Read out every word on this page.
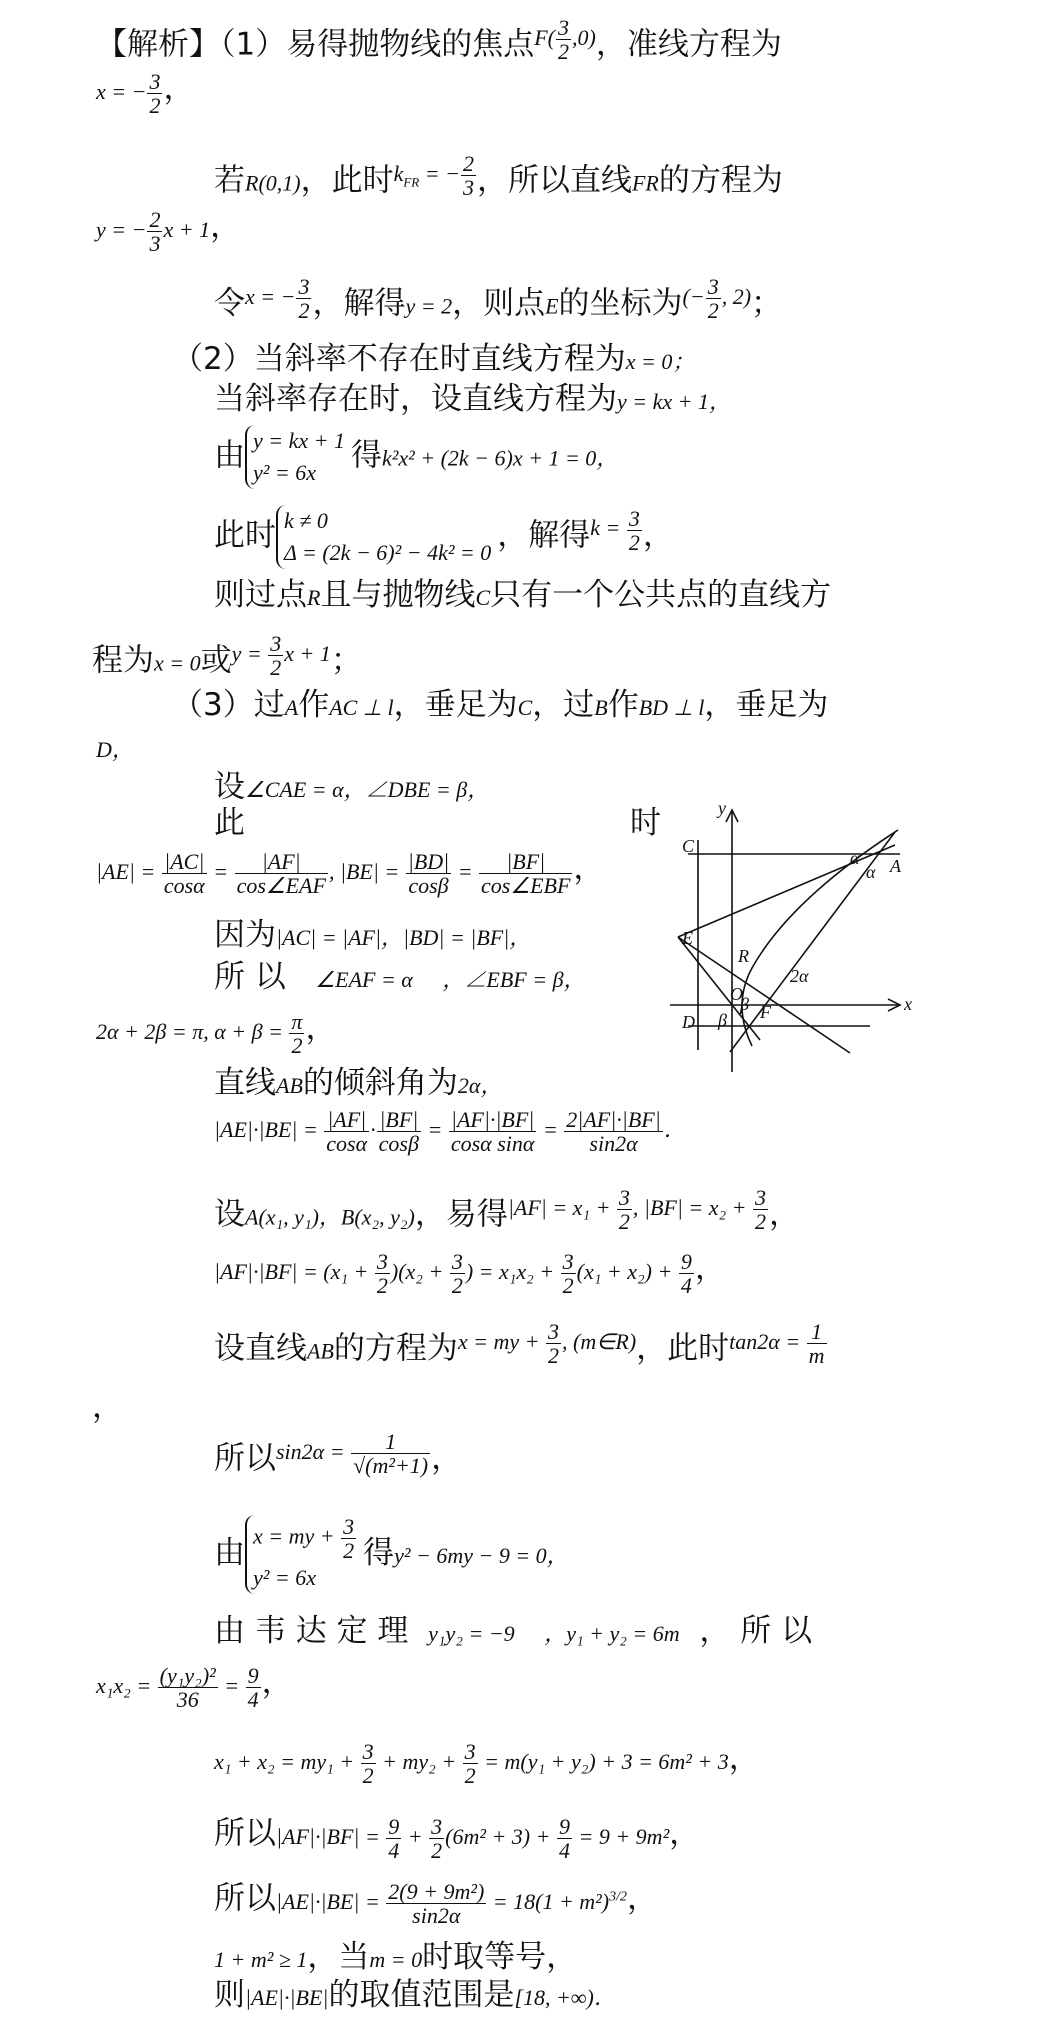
【解析】（1）易得抛物线的焦点$^{F( \frac{3}{2} ,0)}$，准线方程为
x = − $\frac{3}{2}$ ，
若R(0,1)，此时$^{k_{FR} = - \frac{2}{3}}$ ，所以直线FR的方程为
y = − $\frac{2}{3}$ x + 1，
令$^{x = - \frac{3}{2}}$ ，解得y = 2，则点E的坐标为$^{(- \frac{3}{2} , 2)}$；
（2）当斜率不存在时直线方程为x = 0；
当斜率存在时，设直线方程为y = kx + 1，
由 y = kx + 1
y² = 6x	得k²x² + (2k − 6)x + 1 = 0，
此时 k ≠ 0
Δ = (2k − 6)² − 4k² = 0 ，解得$^{k = \frac{3}{2}}$ ，
则过点R且与抛物线C只有一个公共点的直线方
程为x = 0或$^{y = \frac{3}{2} x + 1}$；
（3）过A作AC ⊥ l，垂足为C，过B作BD ⊥ l，垂足为
D，
设∠CAE = α，∠DBE = β，
此	时
$|AE| = \frac{|AC|}{\cos\alpha} = \frac{|AF|}{\text{cos∠EAF}}$ , $|BE| = \frac{|BD|}{\cos\beta} = \frac{|BF|}{\text{cos∠EBF}}$ ，
因为|AC| = |AF|，|BD| = |BF|，
所 以 ∠EAF = α ，∠EBF = β，
2α + 2β = π, $\alpha + \beta = \frac{\pi}{2}$ ，
直线AB的倾斜角为2α，
$|AE|\cdot|BE| = \frac{|AF|}{\cos\alpha} \cdot \frac{|BF|}{\cos\beta} = \frac{|AF|\cdot|BF|}{\text{cosα sinα}} = \frac{2|AF|\cdot|BF|}{\sin 2\alpha}$ ．
设A(x₁, y₁)，B(x₂, y₂)，易得$^{|AF| = x_1 + \frac{3}{2} , |BF| = x_2 + \frac{3}{2}}$ ，
$|AF|\cdot|BF| = (x_1 + \frac{3}{2} )(x_2 + \frac{3}{2}$ ) = $x_1x_2 + \frac{3}{2} (x_1 + x_2) + \frac{9}{4}$ ，
设直线AB的方程为$^{x = my + \frac{3}{2} , (m\in R)}$，此时$^{tan2\alpha = \frac{1}{m}}$
，
所以$^{sin2\alpha = \frac{1}{\text{√(m²+1)}}}$ ，
由 x = my + $\frac{3}{2}$
y² = 6x
得y² − 6my − 9 = 0，
由 韦 达 定 理 y₁y₂ = −9 ，y₁ + y₂ = 6m ， 所 以
$x_1x_2 = \frac{\text{(y₁y₂)²}}{36} = \frac{9}{4}$ ，
$x_1 + x_2 = my_1 + \frac{3}{2} + my_2 + \frac{3}{2} = m(y_1 + y_2) + 3 = 6m^2 + 3$，
所以$|AF|\cdot|BF| = \frac{9}{4} + \frac{3}{2} (6m^2 + 3) + \frac{9}{4} = 9 + 9m^2$，
所以$|AE|\cdot|BE| = \frac{\text{2(9 + 9m²)}}{\sin 2\alpha} = 18(1 + m^2)^{3/2}$，
1 + m² ≥ 1，当m = 0时取等号，
则|AE|·|BE|的取值范围是[18, +∞)．
y
x
C
A
α
α
E
R
O
2α
D β
β F
